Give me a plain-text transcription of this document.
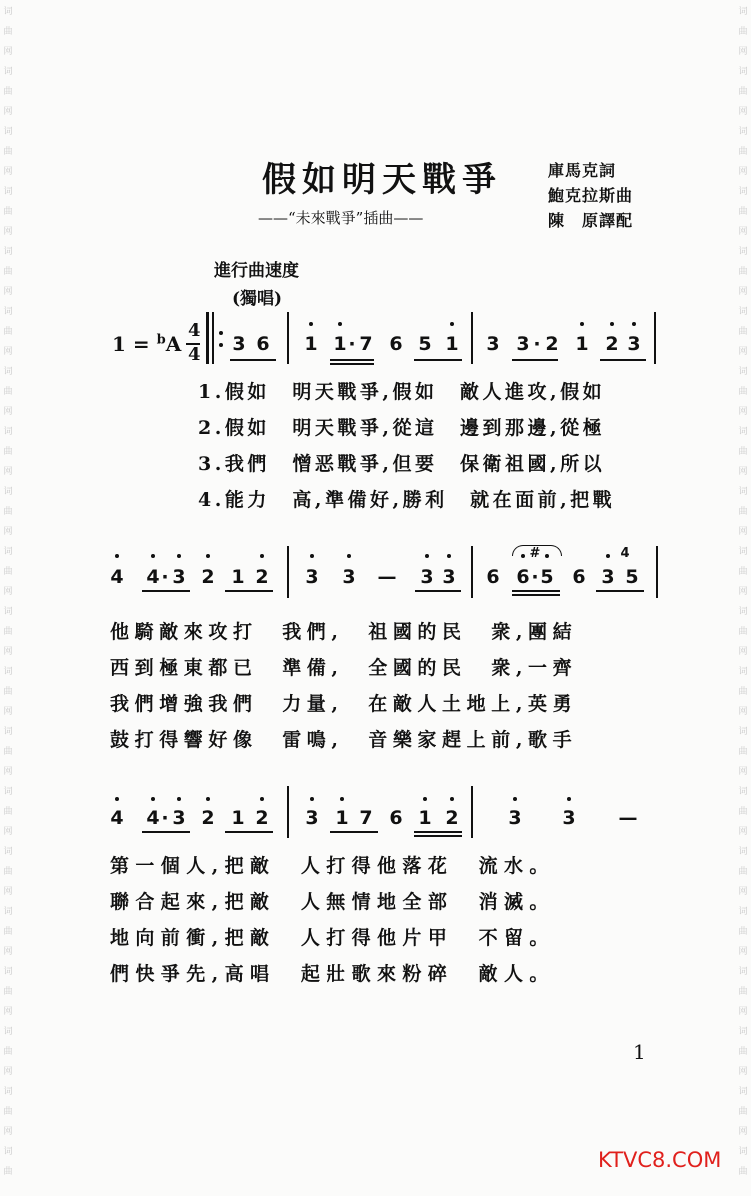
词
曲
网
词
曲
网
词
曲
网
词
曲
网
词
曲
网
词
曲
网
词
曲
网
词
曲
网
词
曲
网
词
曲
网
词
曲
网
词
曲
网
词
曲
网
词
曲
网
词
曲
网
词
曲
网
词
曲
网
词
曲
网
词
曲
网
词
曲
词
曲
网
词
曲
网
词
曲
网
词
曲
网
词
曲
网
词
曲
网
词
曲
网
词
曲
网
词
曲
网
词
曲
网
词
曲
网
词
曲
网
词
曲
网
词
曲
网
词
曲
网
词
曲
网
词
曲
网
词
曲
网
词
曲
网
词
曲
假如明天戰爭
——“未來戰爭”插曲——
庫馬克詞
鮑克拉斯曲
陳　原譯配
進行曲速度
(獨唱)
1 = $^b$A
4
4 3 6 1 1 · 7 6 5 1 3 3 · 2 1 2 3
4 4 · 3 2 1 2 3 3 — 3 3 6 6 · 5 6 3 5
#	4
4 4 · 3 2 1 2 3 1 7 6 1 2	3 3 —
1.假如　明天戰爭,假如　敵人進攻,假如
2.假如　明天戰爭,從這　邊到那邊,從極
3.我們　憎恶戰爭,但要　保衛祖國,所以
4.能力　高,準備好,勝利　就在面前,把戰
他騎敵來攻打　我們,　祖國的民　衆,團結
西到極東都已　準備,　全國的民　衆,一齊
我們增強我們　力量,　在敵人土地上,英勇
鼓打得響好像　雷鳴,　音樂家趕上前,歌手
第一個人,把敵　人打得他落花　流水。
聯合起來,把敵　人無情地全部　消滅。
地向前衝,把敵　人打得他片甲　不留。
們快爭先,高唱　起壯歌來粉碎　敵人。
1
KTVC8.COM
